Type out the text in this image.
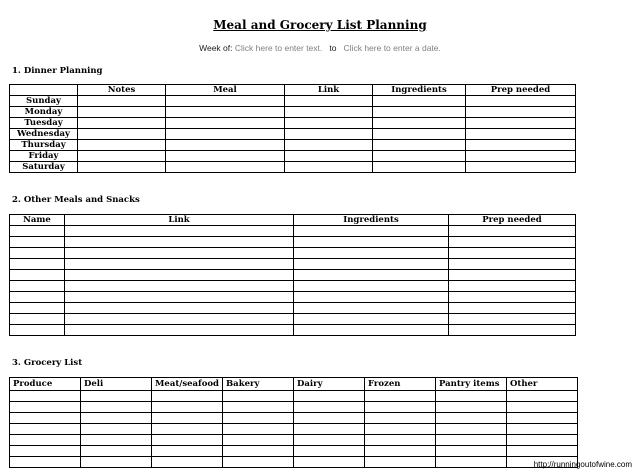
Meal and Grocery List Planning
Week of: Click here to enter text. to Click here to enter a date.
1. Dinner Planning
	Notes	Meal	Link	Ingredients	Prep needed
Sunday					
Monday					
Tuesday					
Wednesday					
Thursday					
Friday					
Saturday					
2. Other Meals and Snacks
Name	Link	Ingredients	Prep needed

3. Grocery List
Produce	Deli	Meat/seafood	Bakery	Dairy	Frozen	Pantry items	Other

http://runningoutofwine.com
